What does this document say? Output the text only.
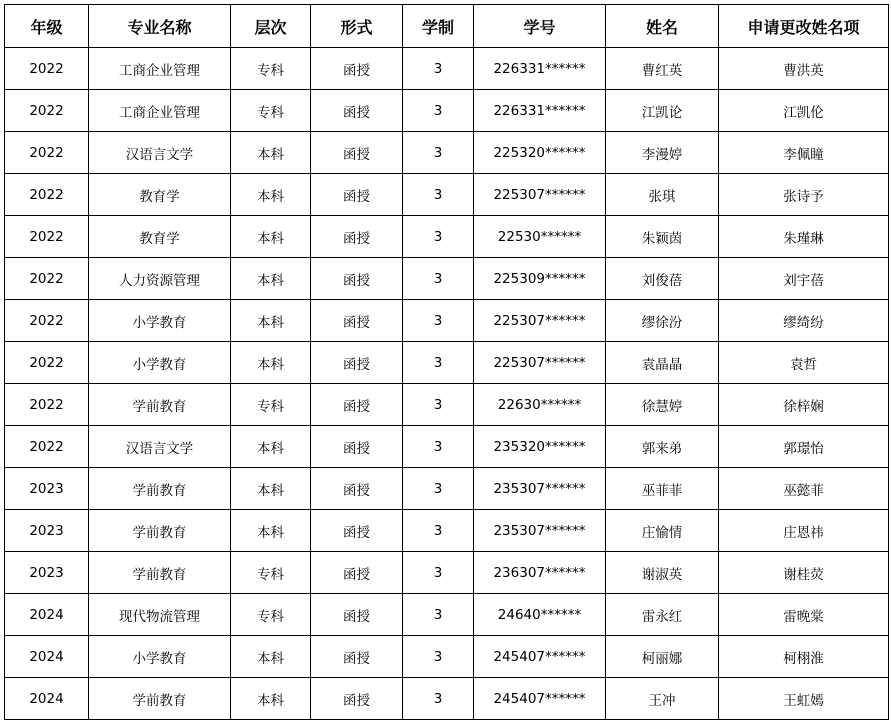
年级	专业名称	层次	形式	学制	学号	姓名	申请更改姓名项
2022	工商企业管理	专科	函授	3	226331******	曹红英	曹洪英
2022	工商企业管理	专科	函授	3	226331******	江凯论	江凯伦
2022	汉语言文学	本科	函授	3	225320******	李漫婷	李佩瞳
2022	教育学	本科	函授	3	225307******	张琪	张诗予
2022	教育学	本科	函授	3	22530******	朱颖茵	朱瑾琳
2022	人力资源管理	本科	函授	3	225309******	刘俊蓓	刘宇蓓
2022	小学教育	本科	函授	3	225307******	缪徐汾	缪绮纷
2022	小学教育	本科	函授	3	225307******	袁晶晶	袁哲
2022	学前教育	专科	函授	3	22630******	徐慧婷	徐梓娴
2022	汉语言文学	本科	函授	3	235320******	郭来弟	郭璟怡
2023	学前教育	本科	函授	3	235307******	巫菲菲	巫懿菲
2023	学前教育	本科	函授	3	235307******	庄愉情	庄恩祎
2023	学前教育	专科	函授	3	236307******	谢淑英	谢桂荧
2024	现代物流管理	专科	函授	3	24640******	雷永红	雷晚棠
2024	小学教育	本科	函授	3	245407******	柯丽娜	柯栩淮
2024	学前教育	本科	函授	3	245407******	王冲	王虹嫣
